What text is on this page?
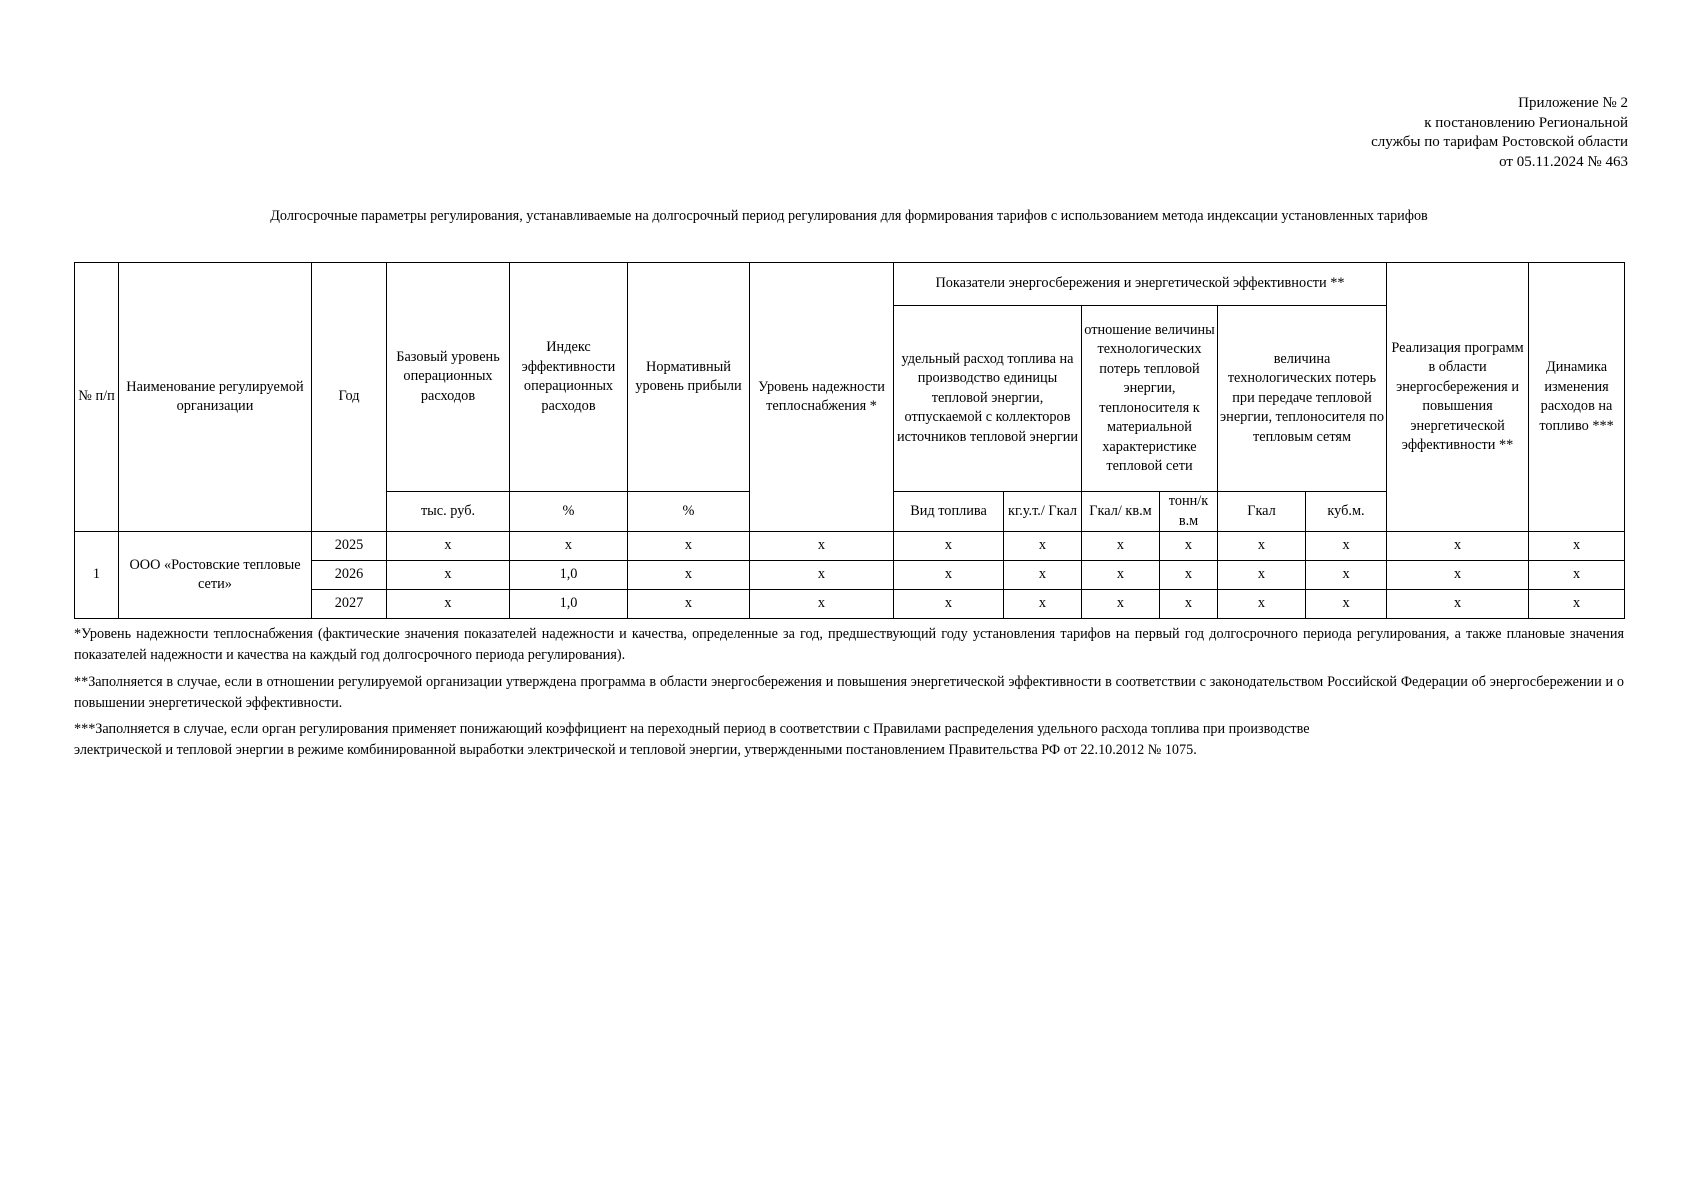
Приложение № 2
к постановлению Региональной
службы по тарифам Ростовской области
от 05.11.2024 № 463
Долгосрочные параметры регулирования, устанавливаемые на долгосрочный период регулирования для формирования тарифов с использованием метода индексации установленных тарифов
№ п/п	Наименование регулируемой организации	Год	Базовый уровень операционных расходов	Индекс эффективности операционных расходов	Нормативный уровень прибыли	Уровень надежности теплоснабжения *	Показатели энергосбережения и энергетической эффективности **						Реализация программ в области энергосбережения и повышения энергетической эффективности **	Динамика изменения расходов на топливо ***
							удельный расход топлива на производство единицы тепловой энергии, отпускаемой с коллекторов источников тепловой энергии		отношение величины технологических потерь тепловой энергии, теплоносителя к материальной характеристике тепловой сети		величина технологических потерь при передаче тепловой энергии, теплоносителя по тепловым сетям			
			тыс. руб.	%	%		Вид топлива	кг.у.т./ Гкал	Гкал/ кв.м	тонн/к в.м	Гкал	куб.м.		
1	ООО «Ростовские тепловые сети»	2025	х	х	х	х	х	х	х	х	х	х	х	х
		2026	х	1,0	х	х	х	х	х	х	х	х	х	х
		2027	х	1,0	х	х	х	х	х	х	х	х	х	х
*Уровень надежности теплоснабжения (фактические значения показателей надежности и качества, определенные за год, предшествующий году установления тарифов на первый год долгосрочного периода регулирования, а также плановые значения показателей надежности и качества на каждый год долгосрочного периода регулирования).
**Заполняется в случае, если в отношении регулируемой организации утверждена программа в области энергосбережения и повышения энергетической эффективности в соответствии с законодательством Российской Федерации об энергосбережении и о повышении энергетической эффективности.
***Заполняется в случае, если орган регулирования применяет понижающий коэффициент на переходный период в соответствии с Правилами распределения удельного расхода топлива при производстве
электрической и тепловой энергии в режиме комбинированной выработки электрической и тепловой энергии, утвержденными постановлением Правительства РФ от 22.10.2012 № 1075.
